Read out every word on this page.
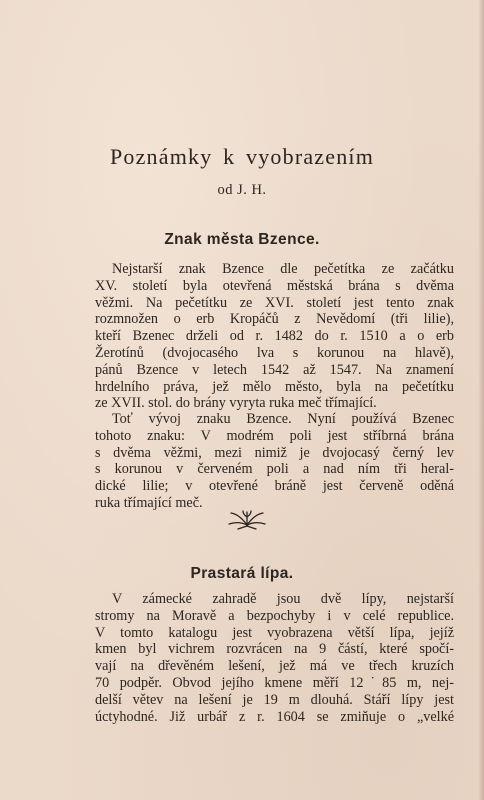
Poznámky k vyobrazením
od J. H.
Znak města Bzence.
Nejstarší znak Bzence dle pečetítka ze začátku
XV. století byla otevřená městská brána s dvěma
věžmi. Na pečetítku ze XVI. století jest tento znak
rozmnožen o erb Kropáčů z Nevědomí (tři lilie),
kteří Bzenec drželi od r. 1482 do r. 1510 a o erb
Žerotínů (dvojocasého lva s korunou na hlavě),
pánů Bzence v letech 1542 až 1547. Na znamení
hrdelního práva, jež mělo město, byla na pečetítku
ze XVII. stol. do brány vyryta ruka meč třímající.
Toť vývoj znaku Bzence. Nyní používá Bzenec
tohoto znaku: V modrém poli jest stříbrná brána
s dvěma věžmi, mezi nimiž je dvojocasý černý lev
s korunou v červeném poli a nad ním tři heral-
dické lilie; v otevřené bráně jest červeně oděná
ruka třímající meč.
Prastará lípa.
V zámecké zahradě jsou dvě lípy, nejstarší
stromy na Moravě a bezpochyby i v celé republice.
V tomto katalogu jest vyobrazena větší lípa, jejíž
kmen byl vichrem rozvrácen na 9 částí, které spočí-
vají na dřevěném lešení, jež má ve třech kruzích
70 podpěr. Obvod jejího kmene měří 12˙85 m, nej-
delší větev na lešení je 19 m dlouhá. Stáří lípy jest
úctyhodné. Již urbář z r. 1604 se zmiňuje o „velké
